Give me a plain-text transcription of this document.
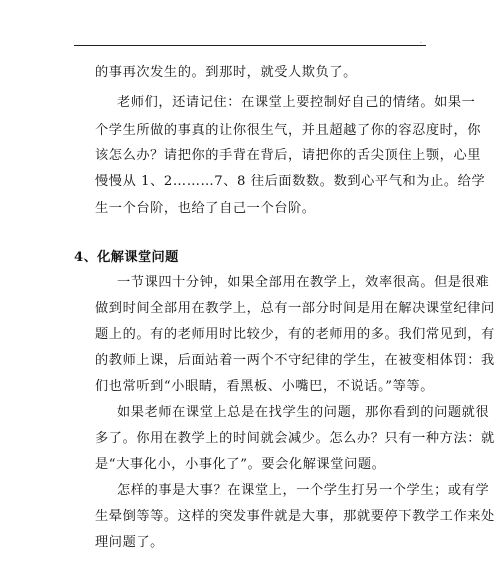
.
的事再次发生的。到那时，就受人欺负了。
老师们，还请记住：在课堂上要控制好自己的情绪。如果一
个学生所做的事真的让你很生气，并且超越了你的容忍度时，你
该怎么办？请把你的手背在背后，请把你的舌尖顶住上颚，心里
慢慢从 1、2………7、8 往后面数数。数到心平气和为止。给学
生一个台阶，也给了自己一个台阶。
4、化解课堂问题
一节课四十分钟，如果全部用在教学上，效率很高。但是很难
做到时间全部用在教学上，总有一部分时间是用在解决课堂纪律问
题上的。有的老师用时比较少，有的老师用的多。我们常见到，有
的教师上课，后面站着一两个不守纪律的学生，在被变相体罚：我
们也常听到“小眼睛，看黑板、小嘴巴，不说话。”等等。
如果老师在课堂上总是在找学生的问题，那你看到的问题就很
多了。你用在教学上的时间就会减少。怎么办？只有一种方法：就
是“大事化小，小事化了”。要会化解课堂问题。
怎样的事是大事？在课堂上，一个学生打另一个学生；或有学
生晕倒等等。这样的突发事件就是大事，那就要停下教学工作来处
理问题了。
